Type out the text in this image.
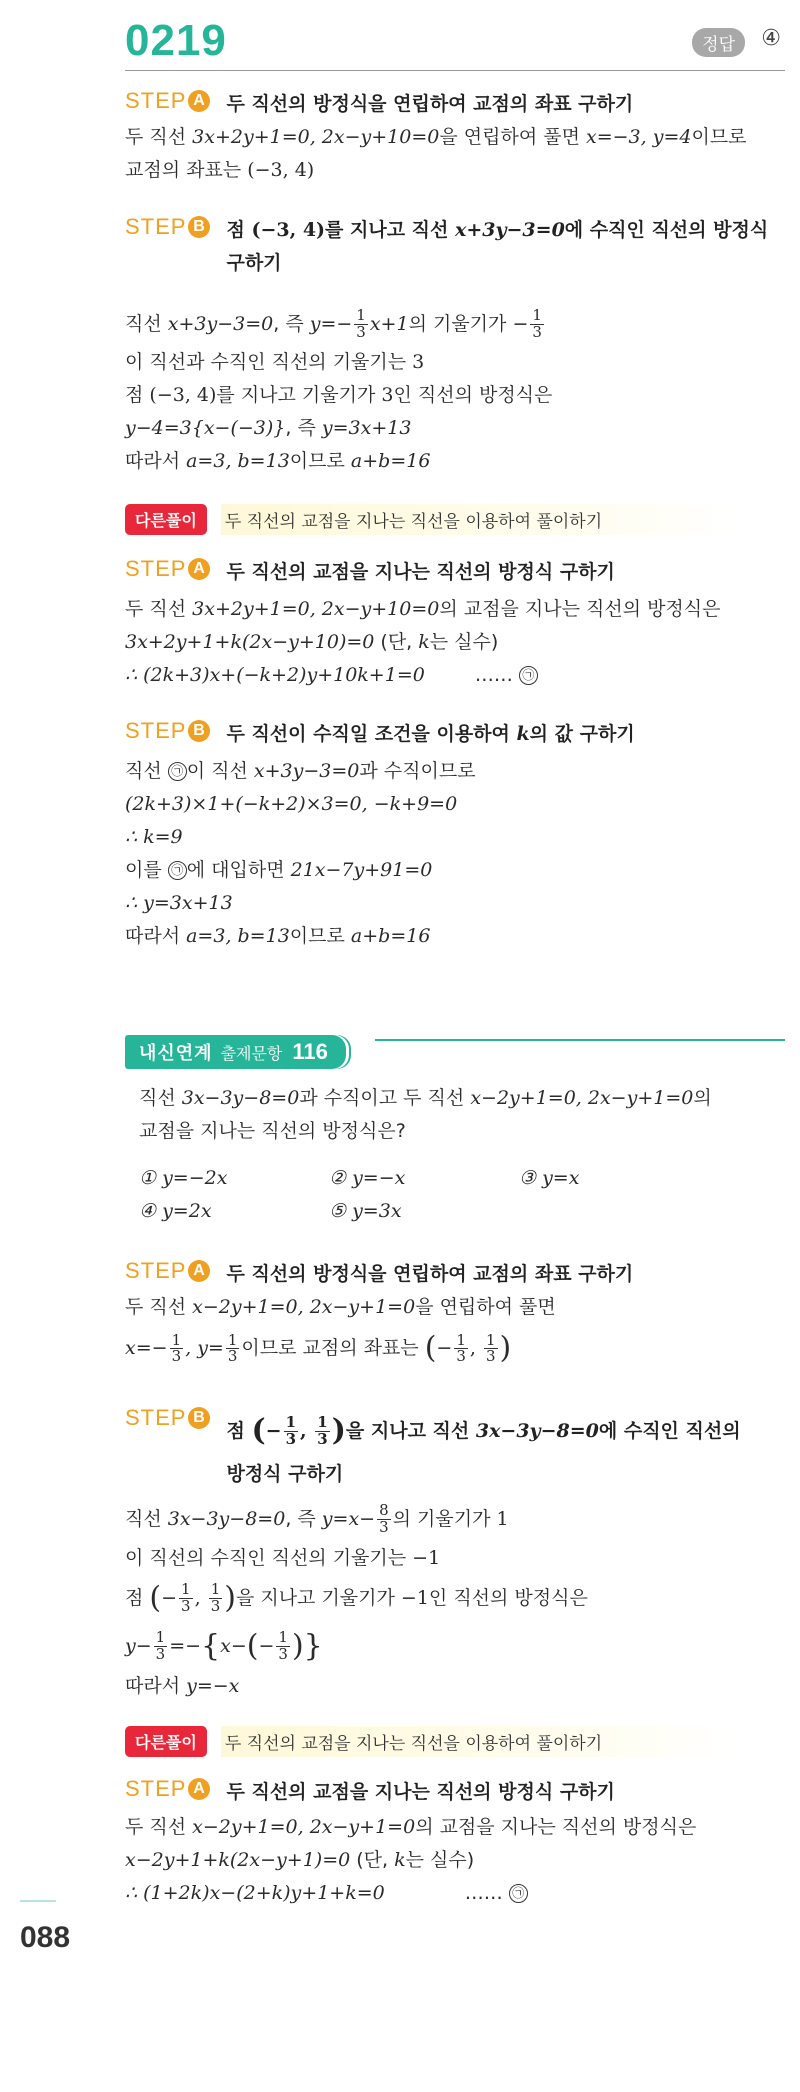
088
0219	정답	④
STEP A 두 직선의 방정식을 연립하여 교점의 좌표 구하기
두 직선 3x+2y+1=0, 2x−y+10=0을 연립하여 풀면 x=−3, y=4이므로
교점의 좌표는 (−3, 4)
STEP B 점 (−3, 4)를 지나고 직선 x+3y−3=0에 수직인 직선의 방정식
구하기
직선 x+3y−3=0, 즉 $y=- \frac{1}{3} x+1$의 기울기가 − $\frac{1}{3}$
이 직선과 수직인 직선의 기울기는 3
점 (−3, 4)를 지나고 기울기가 3인 직선의 방정식은
y−4=3{x−(−3)}, 즉 y=3x+13
따라서 a=3, b=13이므로 a+b=16
다른풀이	두 직선의 교점을 지나는 직선을 이용하여 풀이하기
STEP A 두 직선의 교점을 지나는 직선의 방정식 구하기
두 직선 3x+2y+1=0, 2x−y+10=0의 교점을 지나는 직선의 방정식은
3x+2y+1+k(2x−y+10)=0 (단, k는 실수)
∴ (2k+3)x+(−k+2)y+10k+1=0	…… ㉠
STEP B 두 직선이 수직일 조건을 이용하여 k의 값 구하기
직선 ㉠ 이 직선 x+3y−3=0과 수직이므로
(2k+3)×1+(−k+2)×3=0, −k+9=0
∴ k=9
이를 ㉠ 에 대입하면 21x−7y+91=0
∴ y=3x+13
따라서 a=3, b=13이므로 a+b=16
내신연계 출제문항 116
직선 3x−3y−8=0과 수직이고 두 직선 x−2y+1=0, 2x−y+1=0의
교점을 지나는 직선의 방정식은?
① y=−2x	② y=−x	③ y=x
④ y=2x	⑤ y=3x
STEP A 두 직선의 방정식을 연립하여 교점의 좌표 구하기
두 직선 x−2y+1=0, 2x−y+1=0을 연립하여 풀면
$x=- \frac{1}{3}$ , $y= \frac{1}{3}$ 이므로 교점의 좌표는 (− $\frac{1}{3}$ , $\frac{1}{3}$ )
STEP B
점 (− $\frac{1}{3}$ , $\frac{1}{3}$ )을 지나고 직선 3x−3y−8=0에 수직인 직선의
방정식 구하기
직선 3x−3y−8=0, 즉 $y=x- \frac{8}{3}$ 의 기울기가 1
이 직선의 수직인 직선의 기울기는 −1
점 (− $\frac{1}{3}$ , $\frac{1}{3}$ )을 지나고 기울기가 −1인 직선의 방정식은
$y- \frac{1}{3} =-\{x-(- \frac{1}{3}$ )}
따라서 y=−x
다른풀이	두 직선의 교점을 지나는 직선을 이용하여 풀이하기
STEP A 두 직선의 교점을 지나는 직선의 방정식 구하기
두 직선 x−2y+1=0, 2x−y+1=0의 교점을 지나는 직선의 방정식은
x−2y+1+k(2x−y+1)=0 (단, k는 실수)
∴ (1+2k)x−(2+k)y+1+k=0	…… ㉠
